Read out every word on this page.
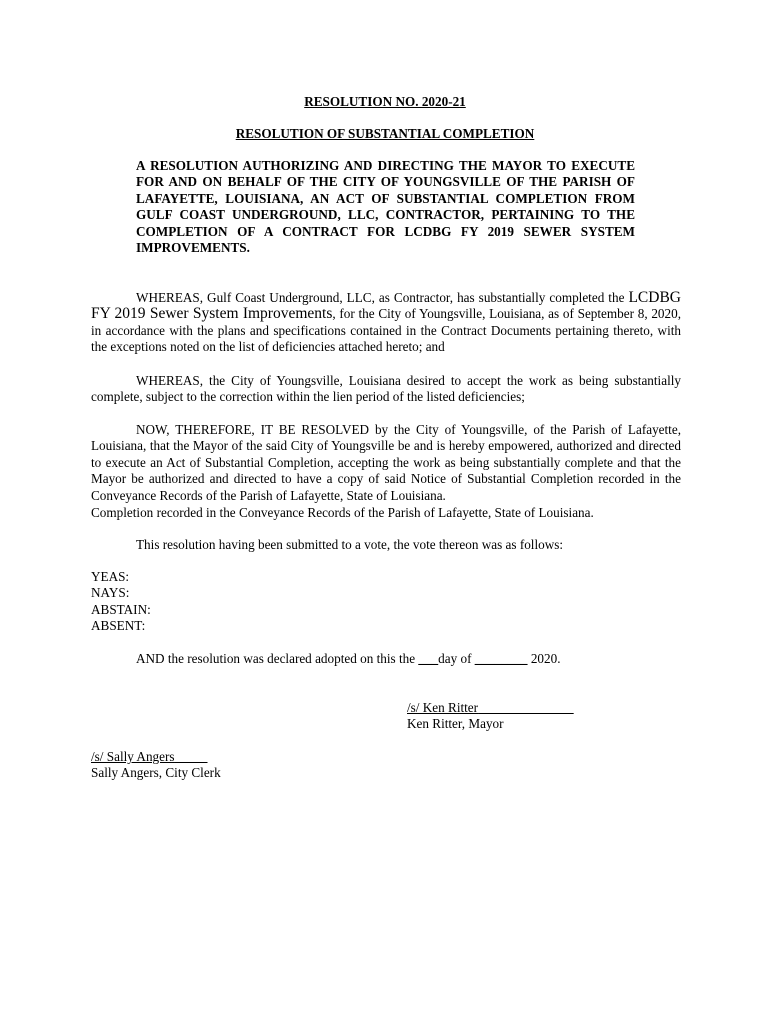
RESOLUTION NO. 2020-21
RESOLUTION OF SUBSTANTIAL COMPLETION
A RESOLUTION AUTHORIZING AND DIRECTING THE MAYOR TO EXECUTE FOR AND ON BEHALF OF THE CITY OF YOUNGSVILLE OF THE PARISH OF LAFAYETTE, LOUISIANA, AN ACT OF SUBSTANTIAL COMPLETION FROM GULF COAST UNDERGROUND, LLC, CONTRACTOR, PERTAINING TO THE COMPLETION OF A CONTRACT FOR LCDBG FY 2019 SEWER SYSTEM IMPROVEMENTS.
WHEREAS, Gulf Coast Underground, LLC, as Contractor, has substantially completed the LCDBG FY 2019 Sewer System Improvements, for the City of Youngsville, Louisiana, as of September 8, 2020, in accordance with the plans and specifications contained in the Contract Documents pertaining thereto, with the exceptions noted on the list of deficiencies attached hereto; and
WHEREAS, the City of Youngsville, Louisiana desired to accept the work as being substantially complete, subject to the correction within the lien period of the listed deficiencies;
NOW, THEREFORE, IT BE RESOLVED by the City of Youngsville, of the Parish of Lafayette, Louisiana, that the Mayor of the said City of Youngsville be and is hereby empowered, authorized and directed to execute an Act of Substantial Completion, accepting the work as being substantially complete and that the Mayor be authorized and directed to have a copy of said Notice of Substantial Completion recorded in the Conveyance Records of the Parish of Lafayette, State of Louisiana.
Completion recorded in the Conveyance Records of the Parish of Lafayette, State of Louisiana.
This resolution having been submitted to a vote, the vote thereon was as follows:
YEAS:
NAYS:
ABSTAIN:
ABSENT:
AND the resolution was declared adopted on this the ___day of ________ 2020.
/s/ Ken Ritter
Ken Ritter, Mayor
/s/ Sally Angers
Sally Angers, City Clerk
